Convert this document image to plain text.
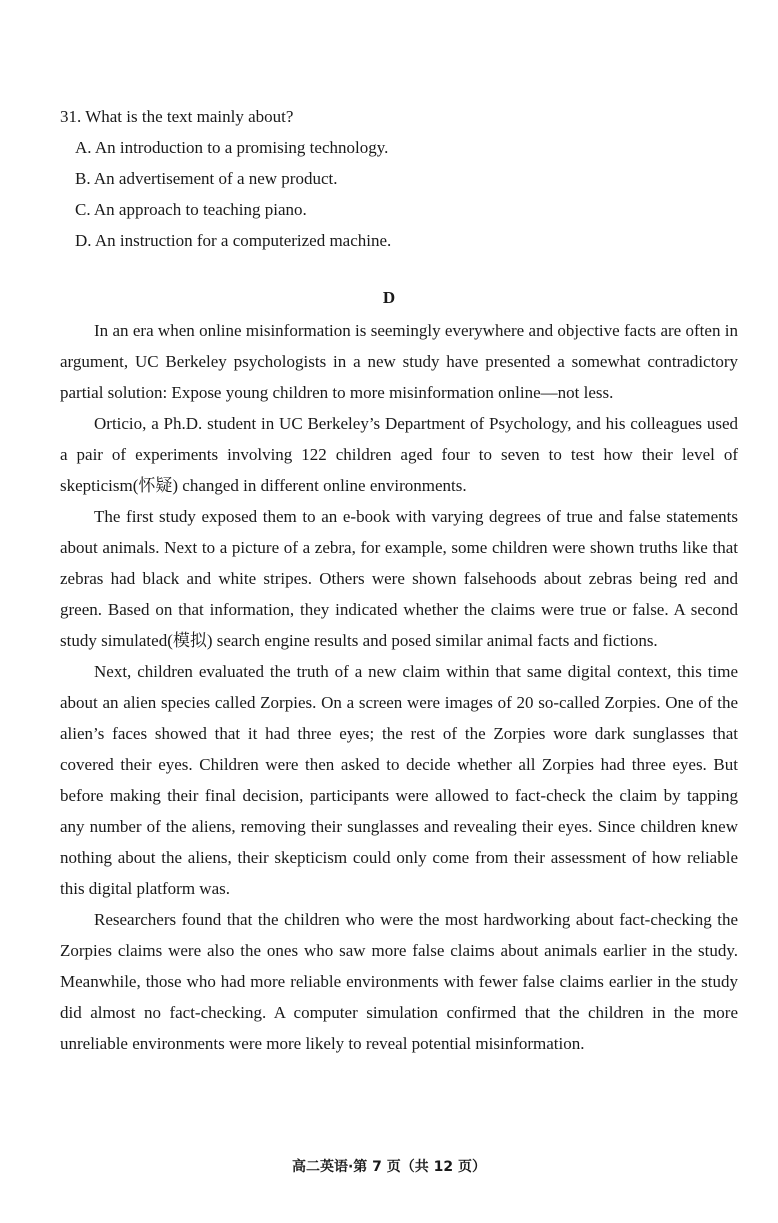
31. What is the text mainly about?

A. An introduction to a promising technology.

B. An advertisement of a new product.

C. An approach to teaching piano.

D. An instruction for a computerized machine.

D

In an era when online misinformation is seemingly everywhere and objective facts are often in argument, UC Berkeley psychologists in a new study have presented a somewhat contradictory partial solution: Expose young children to more misinformation online—not less.

Orticio, a Ph.D. student in UC Berkeley’s Department of Psychology, and his colleagues used a pair of experiments involving 122 children aged four to seven to test how their level of skepticism(怀疑) changed in different online environments.

The first study exposed them to an e-book with varying degrees of true and false statements about animals. Next to a picture of a zebra, for example, some children were shown truths like that zebras had black and white stripes. Others were shown falsehoods about zebras being red and green. Based on that information, they indicated whether the claims were true or false. A second study simulated(模拟) search engine results and posed similar animal facts and fictions.

Next, children evaluated the truth of a new claim within that same digital context, this time about an alien species called Zorpies. On a screen were images of 20 so-called Zorpies. One of the alien’s faces showed that it had three eyes; the rest of the Zorpies wore dark sunglasses that covered their eyes. Children were then asked to decide whether all Zorpies had three eyes. But before making their final decision, participants were allowed to fact-check the claim by tapping any number of the aliens, removing their sunglasses and revealing their eyes. Since children knew nothing about the aliens, their skepticism could only come from their assessment of how reliable this digital platform was.

Researchers found that the children who were the most hardworking about fact-checking the Zorpies claims were also the ones who saw more false claims about animals earlier in the study. Meanwhile, those who had more reliable environments with fewer false claims earlier in the study did almost no fact-checking. A computer simulation confirmed that the children in the more unreliable environments were more likely to reveal potential misinformation.

高二英语·第 7 页（共 12 页）
